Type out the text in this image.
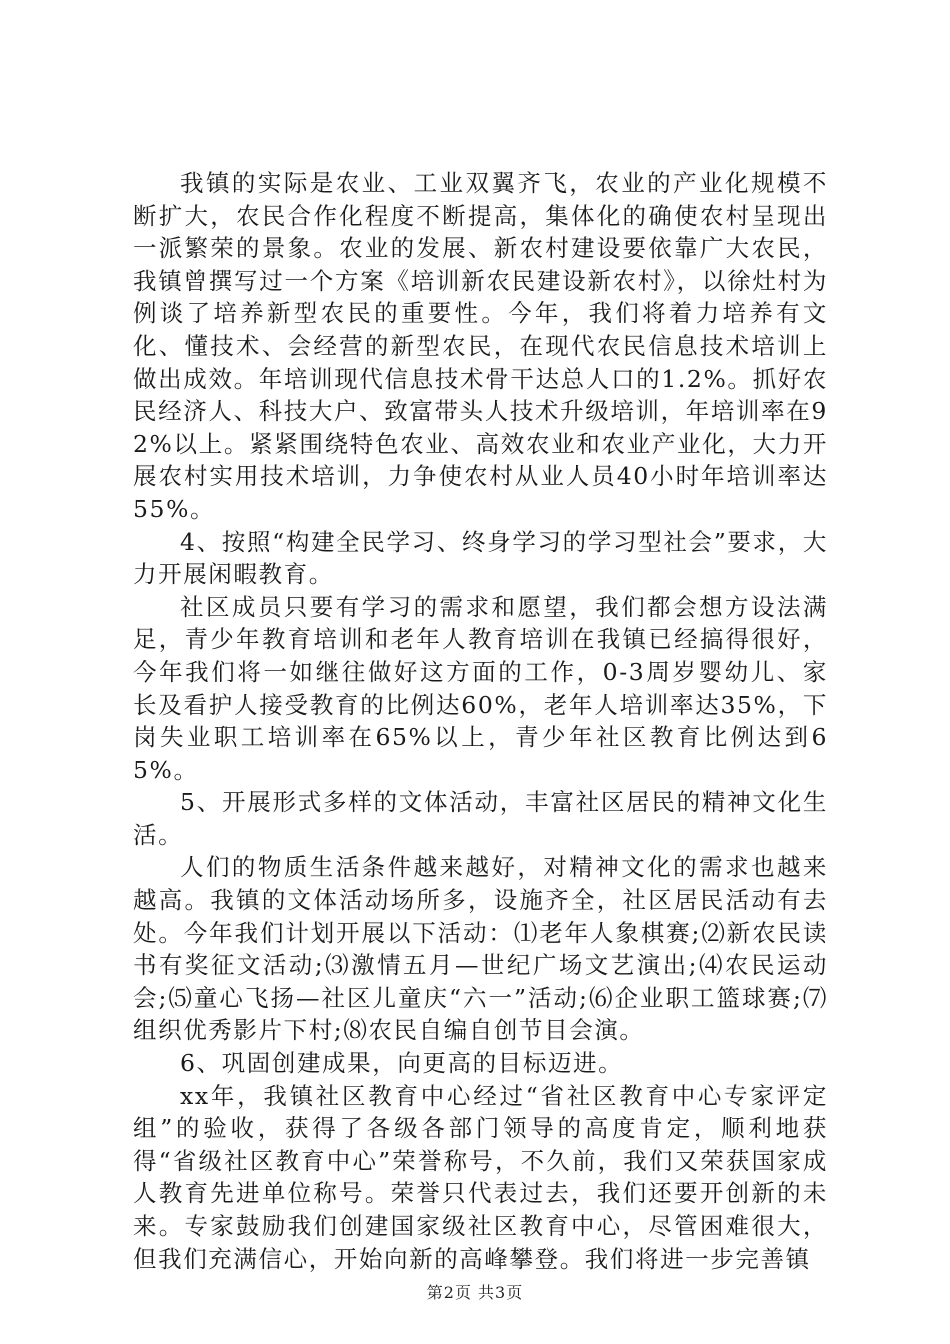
我镇的实际是农业、工业双翼齐飞，农业的产业化规模不断扩大，农民合作化程度不断提高，集体化的确使农村呈现出一派繁荣的景象。农业的发展、新农村建设要依靠广大农民，我镇曾撰写过一个方案《培训新农民建设新农村》，以徐灶村为例谈了培养新型农民的重要性。今年，我们将着力培养有文化、懂技术、会经营的新型农民，在现代农民信息技术培训上做出成效。年培训现代信息技术骨干达总人口的1.2%。抓好农民经济人、科技大户、致富带头人技术升级培训，年培训率在92%以上。紧紧围绕特色农业、高效农业和农业产业化，大力开展农村实用技术培训，力争使农村从业人员40小时年培训率达55%。

4、按照“构建全民学习、终身学习的学习型社会”要求，大力开展闲暇教育。

社区成员只要有学习的需求和愿望，我们都会想方设法满足，青少年教育培训和老年人教育培训在我镇已经搞得很好，今年我们将一如继往做好这方面的工作，0-3周岁婴幼儿、家长及看护人接受教育的比例达60%，老年人培训率达35%，下岗失业职工培训率在65%以上，青少年社区教育比例达到65%。

5、开展形式多样的文体活动，丰富社区居民的精神文化生活。

人们的物质生活条件越来越好，对精神文化的需求也越来越高。我镇的文体活动场所多，设施齐全，社区居民活动有去处。今年我们计划开展以下活动：⑴老年人象棋赛;⑵新农民读书有奖征文活动;⑶激情五月—世纪广场文艺演出;⑷农民运动会;⑸童心飞扬—社区儿童庆“六一”活动;⑹企业职工篮球赛;⑺组织优秀影片下村;⑻农民自编自创节目会演。

6、巩固创建成果，向更高的目标迈进。

xx年，我镇社区教育中心经过“省社区教育中心专家评定组”的验收，获得了各级各部门领导的高度肯定，顺利地获得“省级社区教育中心”荣誉称号，不久前，我们又荣获国家成人教育先进单位称号。荣誉只代表过去，我们还要开创新的未来。专家鼓励我们创建国家级社区教育中心，尽管困难很大，但我们充满信心，开始向新的高峰攀登。我们将进一步完善镇

第2页 共3页
